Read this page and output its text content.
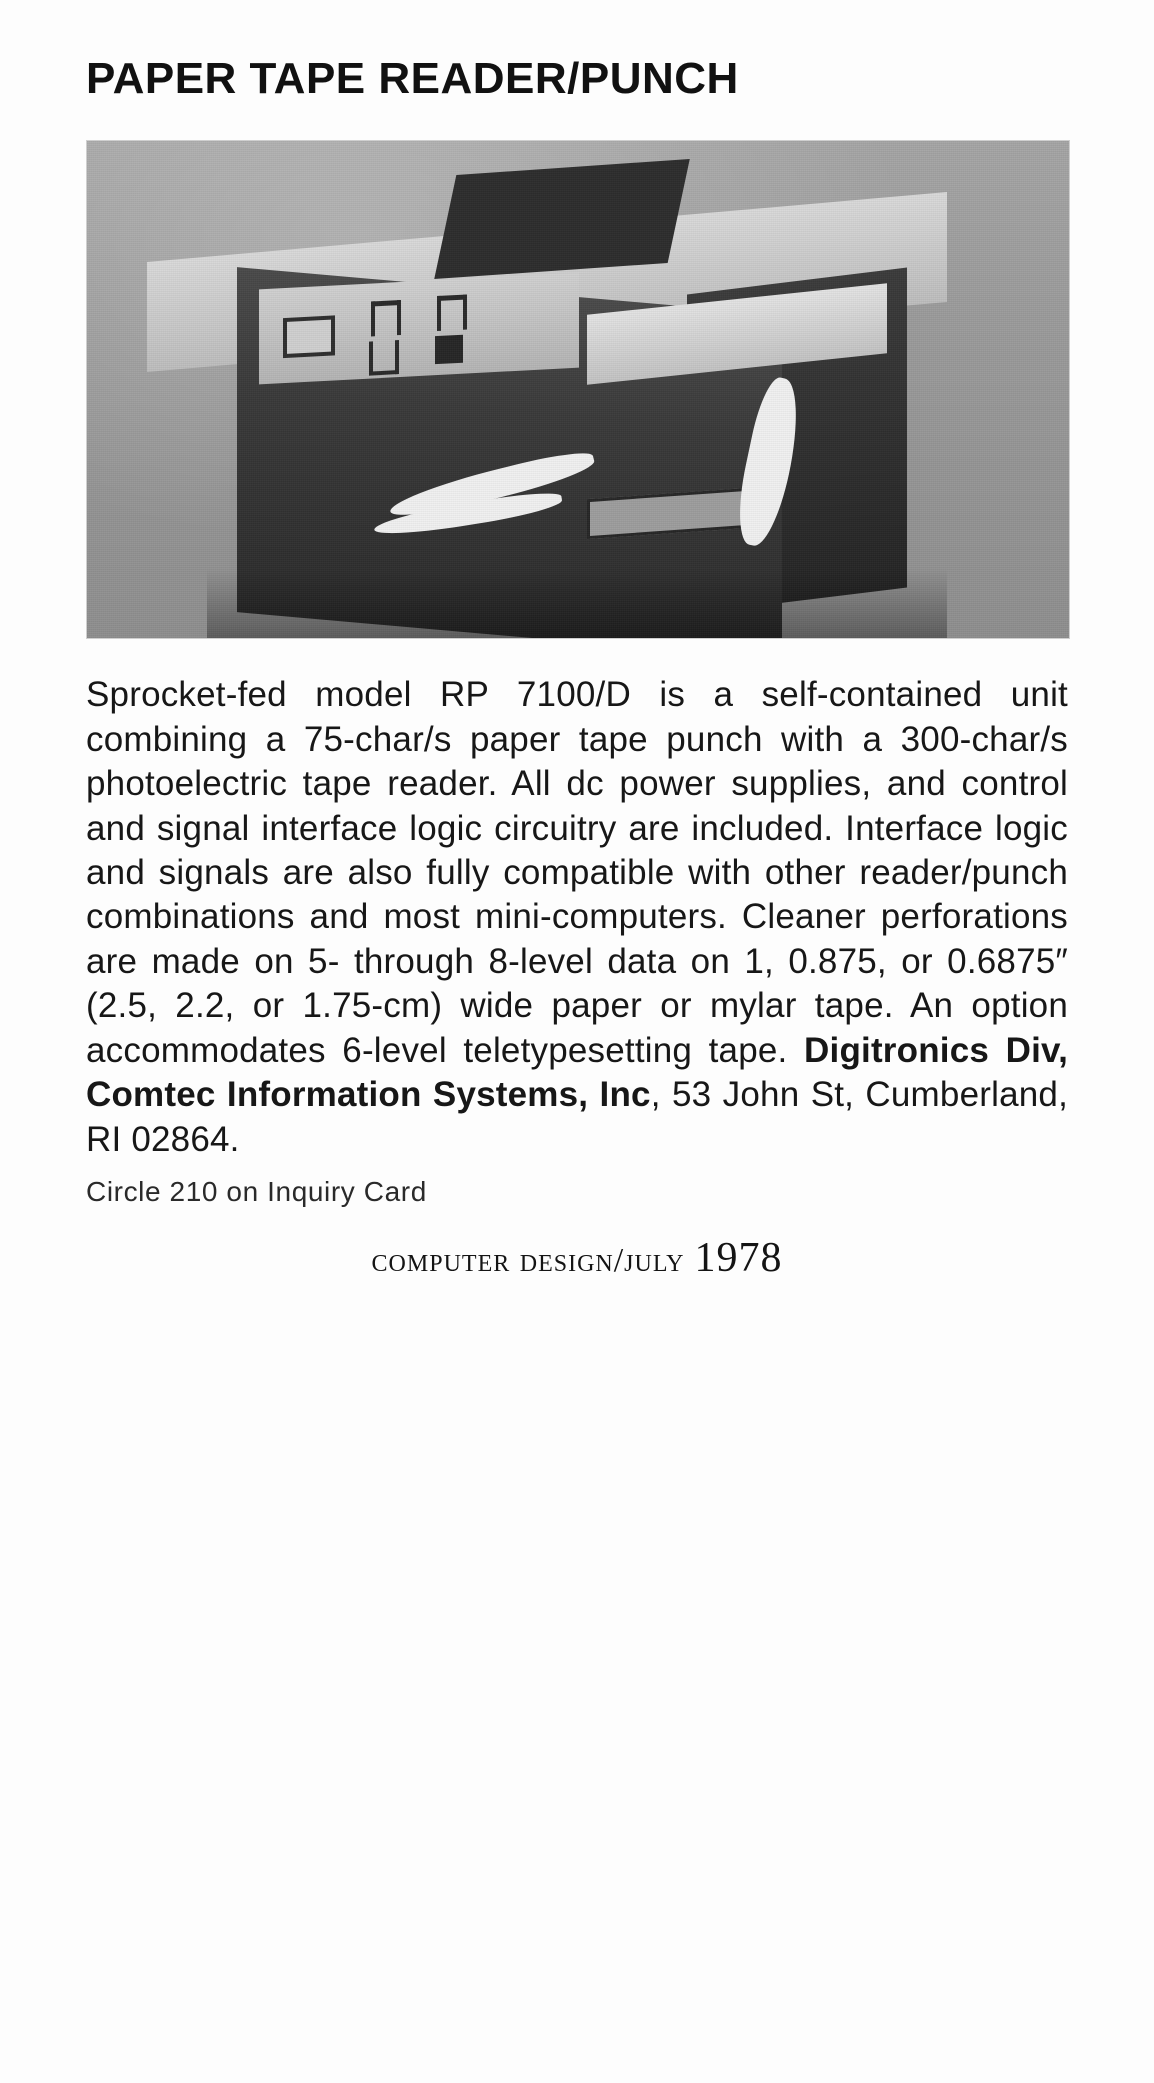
PAPER TAPE READER/PUNCH
Sprocket-fed model RP 7100/D is a self-contained unit combining a 75-char/s paper tape punch with a 300-char/s photoelectric tape reader. All dc power supplies, and control and signal interface logic circuitry are included. Interface logic and signals are also fully compatible with other reader/punch combinations and most mini-computers. Cleaner perforations are made on 5- through 8-level data on 1, 0.875, or 0.6875″ (2.5, 2.2, or 1.75-cm) wide paper or mylar tape. An option accommodates 6-level teletypesetting tape. Digitronics Div, Comtec Information Systems, Inc, 53 John St, Cumberland, RI 02864.
Circle 210 on Inquiry Card
computer design/july 1978
